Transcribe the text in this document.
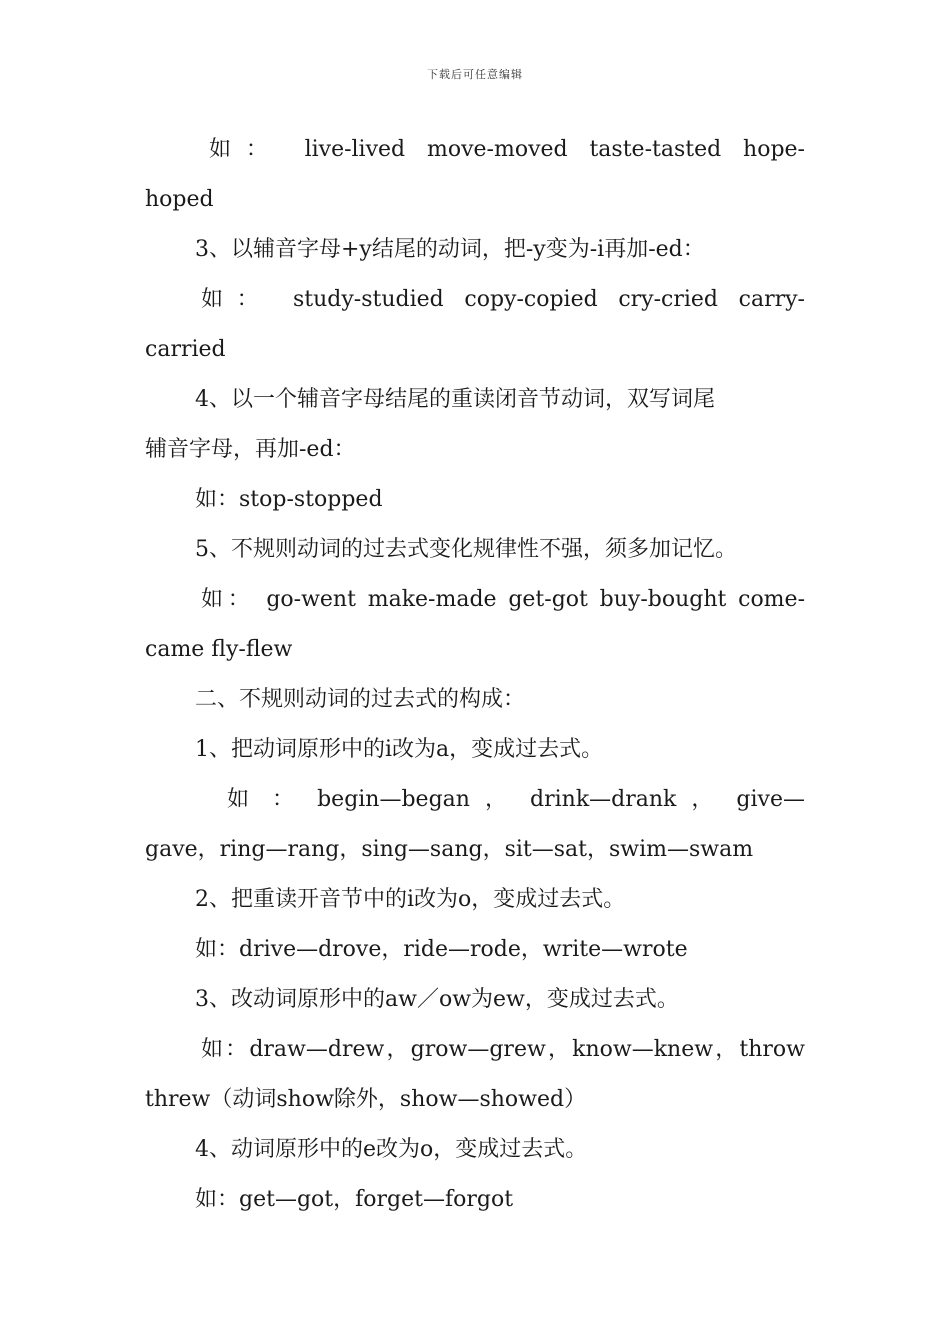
下载后可任意编辑
如： live-lived move-moved taste-tasted hope-
hoped
3、以辅音字母+y结尾的动词，把-y变为-i再加-ed：
如： study-studied copy-copied cry-cried carry-
carried
4、以一个辅音字母结尾的重读闭音节动词，双写词尾
辅音字母，再加-ed：
如：stop-stopped
5、不规则动词的过去式变化规律性不强，须多加记忆。
如： go-went make-made get-got buy-bought come-
came fly-flew
二、不规则动词的过去式的构成：
1、把动词原形中的i改为a，变成过去式。
如 ： begin—began ， drink—drank ， give—
gave，ring—rang，sing—sang，sit—sat，swim—swam
2、把重读开音节中的i改为o，变成过去式。
如：drive—drove，ride—rode，write—wrote
3、改动词原形中的aw／ow为ew，变成过去式。
如：draw—drew，grow—grew，know—knew，throw
threw（动词show除外，show—showed）
4、动词原形中的e改为o，变成过去式。
如：get—got，forget—forgot
